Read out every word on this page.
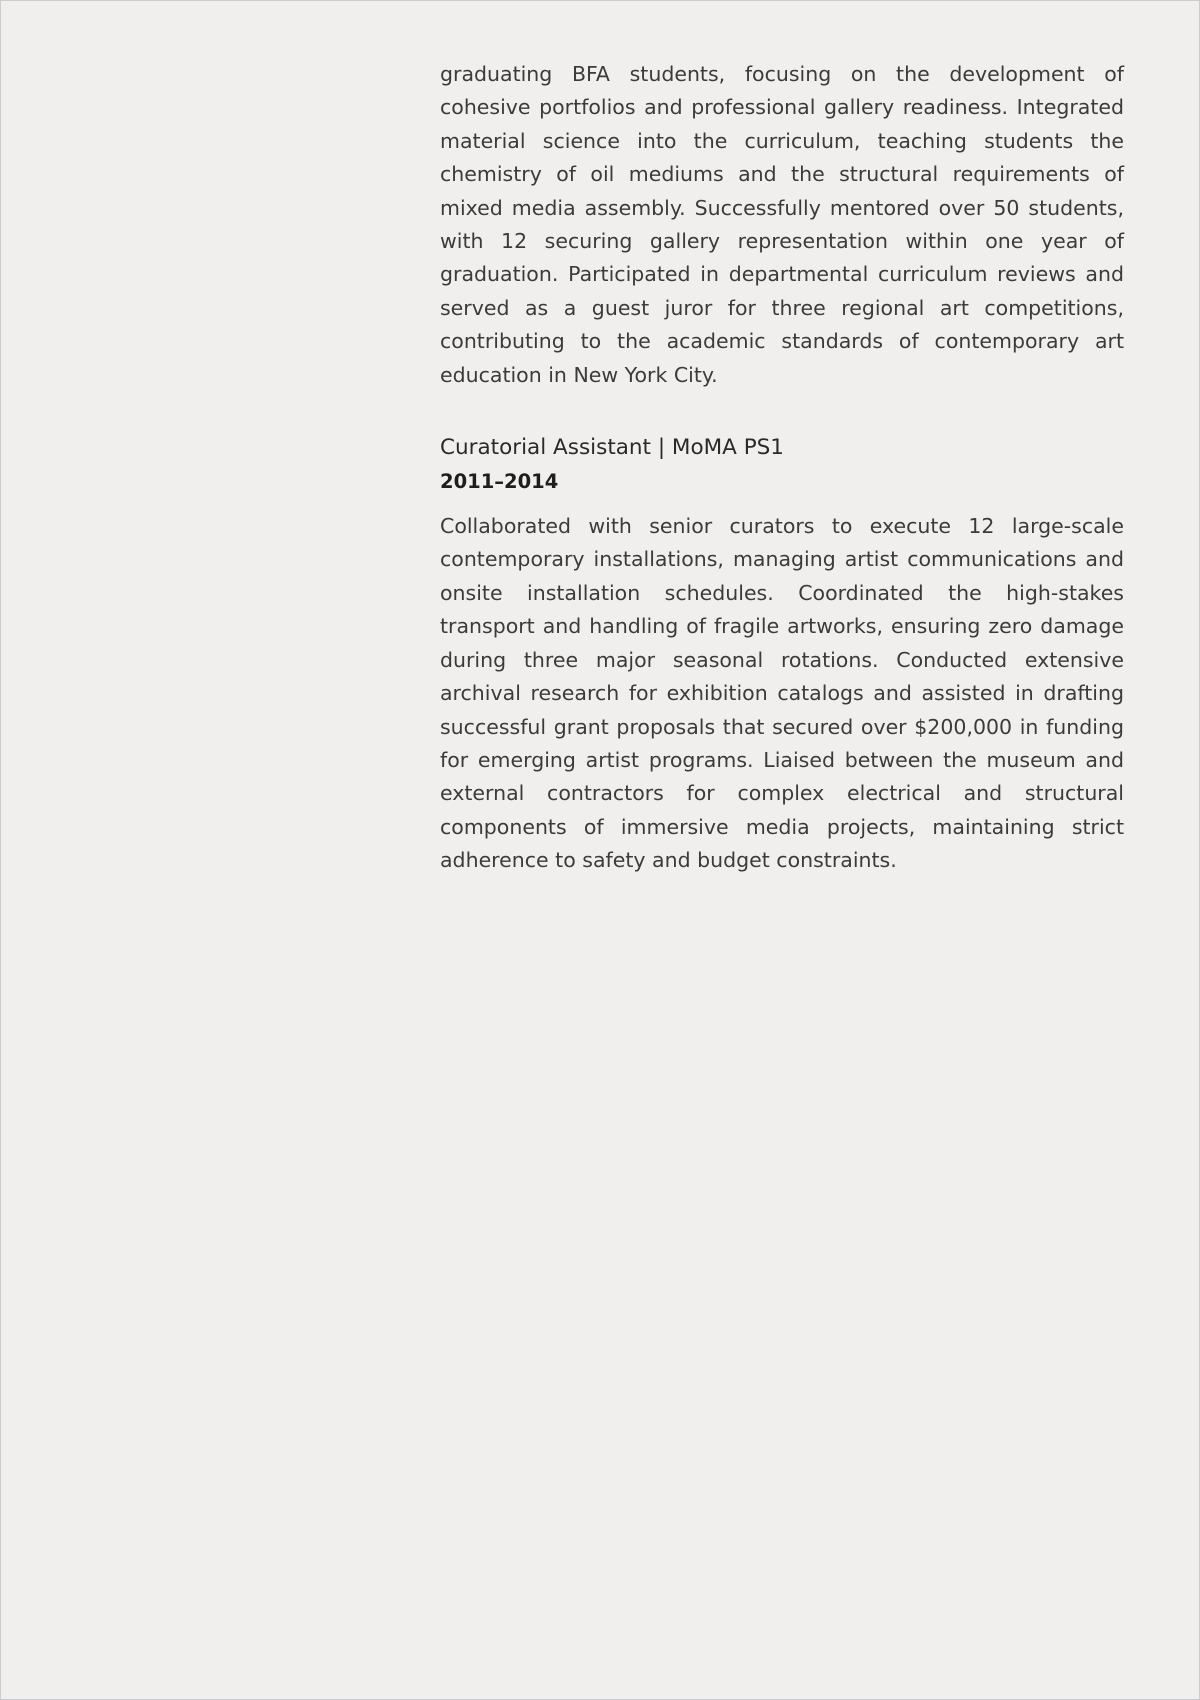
graduating BFA students, focusing on the development of cohesive portfolios and professional gallery readiness. Integrated material science into the curriculum, teaching students the chemistry of oil mediums and the structural requirements of mixed media assembly. Successfully mentored over 50 students, with 12 securing gallery representation within one year of graduation. Participated in departmental curriculum reviews and served as a guest juror for three regional art competitions, contributing to the academic standards of contemporary art education in New York City.

Curatorial Assistant | MoMA PS1
2011–2014

Collaborated with senior curators to execute 12 large-scale contemporary installations, managing artist communications and onsite installation schedules. Coordinated the high-stakes transport and handling of fragile artworks, ensuring zero damage during three major seasonal rotations. Conducted extensive archival research for exhibition catalogs and assisted in drafting successful grant proposals that secured over $200,000 in funding for emerging artist programs. Liaised between the museum and external contractors for complex electrical and structural components of immersive media projects, maintaining strict adherence to safety and budget constraints.
